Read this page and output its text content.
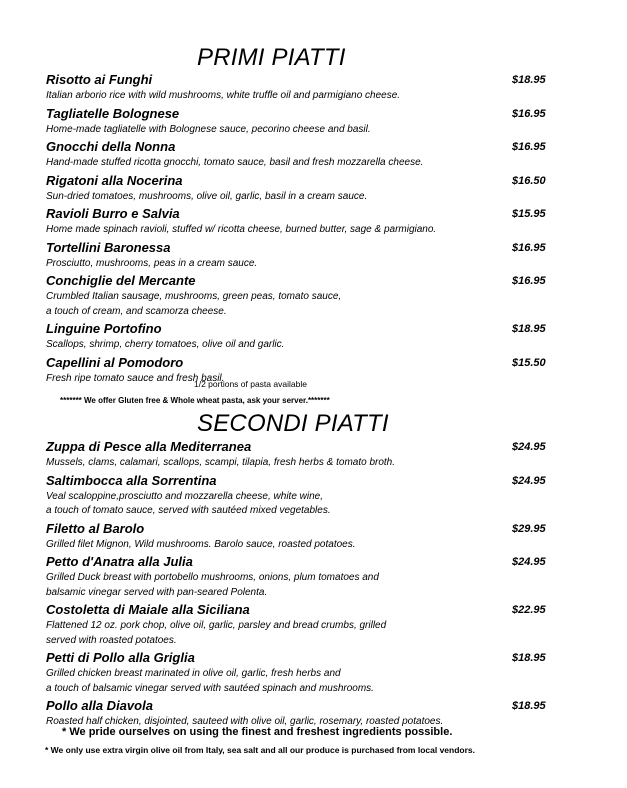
PRIMI PIATTI
Risotto ai Funghi	$18.95
Italian arborio rice with wild mushrooms, white truffle oil and parmigiano cheese.
Tagliatelle Bolognese	$16.95
Home-made tagliatelle with Bolognese sauce, pecorino cheese and basil.
Gnocchi della Nonna	$16.95
Hand-made stuffed ricotta gnocchi, tomato sauce, basil and fresh mozzarella cheese.
Rigatoni alla Nocerina	$16.50
Sun-dried tomatoes, mushrooms, olive oil, garlic, basil in a cream sauce.
Ravioli Burro e Salvia	$15.95
Home made spinach ravioli, stuffed w/ ricotta cheese, burned butter, sage & parmigiano.
Tortellini Baronessa	$16.95
Prosciutto, mushrooms, peas in a cream sauce.
Conchiglie del Mercante	$16.95
Crumbled Italian sausage, mushrooms, green peas, tomato sauce,
a touch of cream, and scamorza cheese.
Linguine Portofino	$18.95
Scallops, shrimp, cherry tomatoes, olive oil and garlic.
Capellini al Pomodoro	$15.50
Fresh ripe tomato sauce and fresh basil.
1/2 portions of pasta available
******* We offer Gluten free & Whole wheat pasta, ask your server.*******
SECONDI PIATTI
Zuppa di Pesce alla Mediterranea	$24.95
Mussels, clams, calamari, scallops, scampi, tilapia, fresh herbs & tomato broth.
Saltimbocca alla Sorrentina	$24.95
Veal scaloppine,prosciutto and mozzarella cheese, white wine,
a touch of tomato sauce, served with sautéed mixed vegetables.
Filetto al Barolo	$29.95
Grilled filet Mignon, Wild mushrooms. Barolo sauce, roasted potatoes.
Petto d'Anatra alla Julia	$24.95
Grilled Duck breast with portobello mushrooms, onions, plum tomatoes and
balsamic vinegar served with pan-seared Polenta.
Costoletta di Maiale alla Siciliana	$22.95
Flattened 12 oz. pork chop, olive oil, garlic, parsley and bread crumbs, grilled
served with roasted potatoes.
Petti di Pollo alla Griglia	$18.95
Grilled chicken breast marinated in olive oil, garlic, fresh herbs and
a touch of balsamic vinegar served with sautéed spinach and mushrooms.
Pollo alla Diavola	$18.95
Roasted half chicken, disjointed, sauteed with olive oil, garlic, rosemary, roasted potatoes.
* We pride ourselves on using the finest and freshest ingredients possible.
* We only use extra virgin olive oil from Italy, sea salt and all our produce is purchased from local vendors.
